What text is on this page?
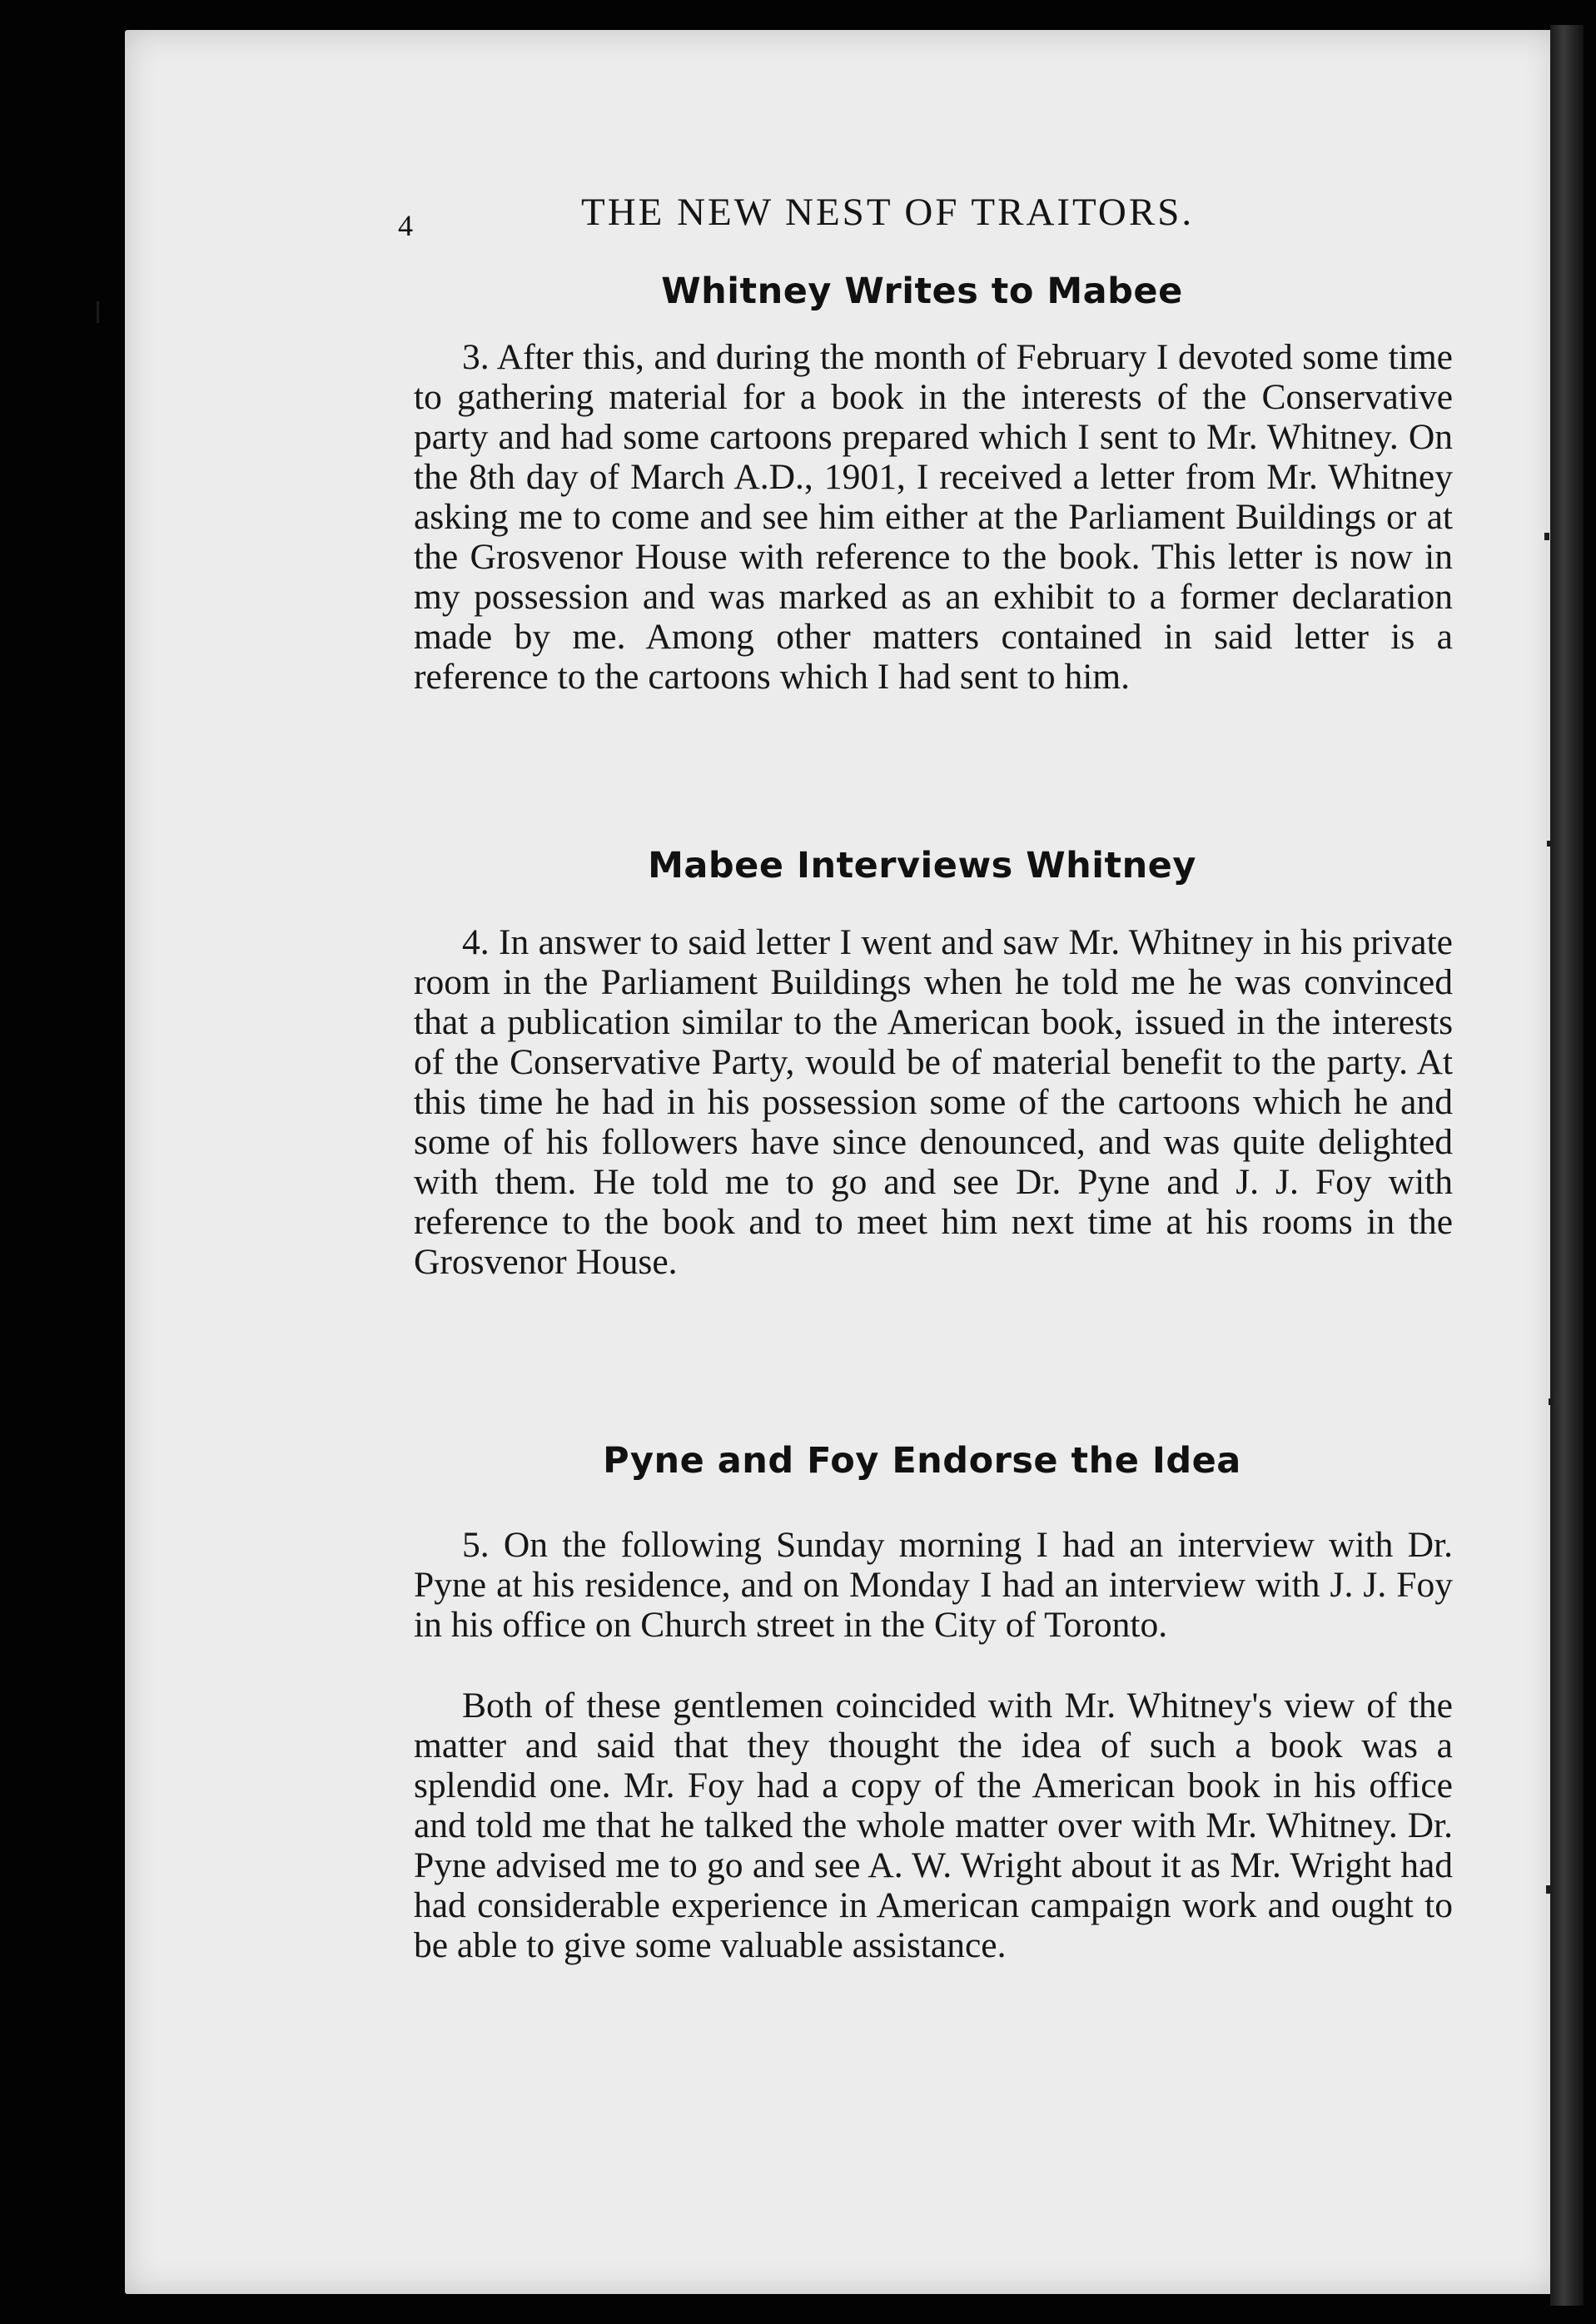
4	THE NEW NEST OF TRAITORS.
Whitney Writes to Mabee

3. After this, and during the month of February I devoted some time to gathering material for a book in the interests of the Conservative party and had some cartoons prepared which I sent to Mr. Whitney. On the 8th day of March A.D., 1901, I received a letter from Mr. Whitney asking me to come and see him either at the Parliament Buildings or at the Grosvenor House with reference to the book. This letter is now in my possession and was marked as an exhibit to a former declaration made by me. Among other matters contained in said letter is a reference to the cartoons which I had sent to him.

Mabee Interviews Whitney

4. In answer to said letter I went and saw Mr. Whitney in his private room in the Parliament Buildings when he told me he was convinced that a publication similar to the American book, issued in the interests of the Conservative Party, would be of material benefit to the party. At this time he had in his possession some of the cartoons which he and some of his followers have since denounced, and was quite delighted with them. He told me to go and see Dr. Pyne and J. J. Foy with reference to the book and to meet him next time at his rooms in the Grosvenor House.

Pyne and Foy Endorse the Idea

5. On the following Sunday morning I had an interview with Dr. Pyne at his residence, and on Monday I had an interview with J. J. Foy in his office on Church street in the City of Toronto.

Both of these gentlemen coincided with Mr. Whitney's view of the matter and said that they thought the idea of such a book was a splendid one. Mr. Foy had a copy of the American book in his office and told me that he talked the whole matter over with Mr. Whitney. Dr. Pyne advised me to go and see A. W. Wright about it as Mr. Wright had had considerable experience in American campaign work and ought to be able to give some valuable assistance.
